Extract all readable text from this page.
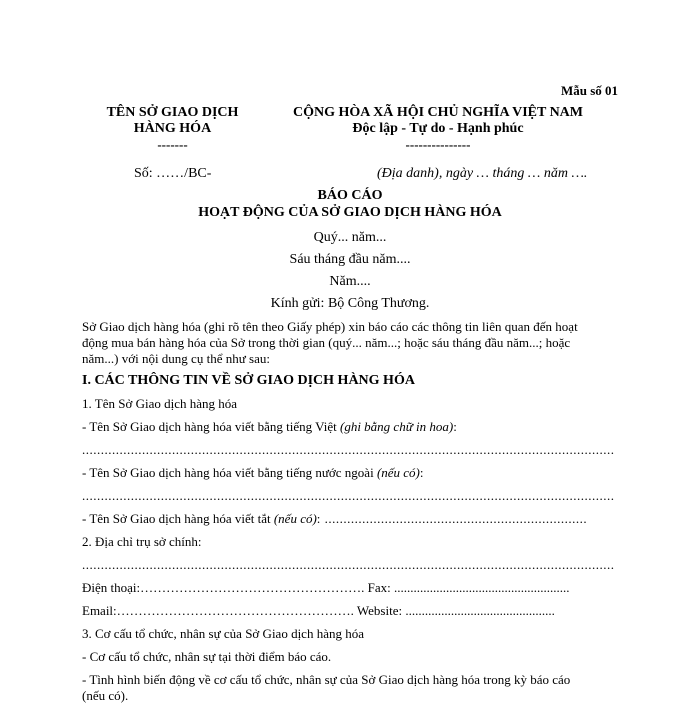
Mẫu số 01
TÊN SỞ GIAO DỊCH
HÀNG HÓA
-------
Số: ……/BC-
CỘNG HÒA XÃ HỘI CHỦ NGHĨA VIỆT NAM
Độc lập - Tự do - Hạnh phúc
---------------
(Địa danh), ngày … tháng … năm ….
BÁO CÁO
HOẠT ĐỘNG CỦA SỞ GIAO DỊCH HÀNG HÓA
Quý... năm...
Sáu tháng đầu năm....
Năm....
Kính gửi: Bộ Công Thương.
Sở Giao dịch hàng hóa (ghi rõ tên theo Giấy phép) xin báo cáo các thông tin liên quan đến hoạt
động mua bán hàng hóa của Sở trong thời gian (quý... năm...; hoặc sáu tháng đầu năm...; hoặc
năm...) với nội dung cụ thể như sau:
I. CÁC THÔNG TIN VỀ SỞ GIAO DỊCH HÀNG HÓA
1. Tên Sở Giao dịch hàng hóa
- Tên Sở Giao dịch hàng hóa viết bằng tiếng Việt (ghi bằng chữ in hoa):
..............................................................................................................................................
- Tên Sở Giao dịch hàng hóa viết bằng tiếng nước ngoài (nếu có):
..............................................................................................................................................
- Tên Sở Giao dịch hàng hóa viết tắt (nếu có): ......................................................................
2. Địa chỉ trụ sở chính:
..............................................................................................................................................
Điện thoại:……………………………………………. Fax: ......................................................
Email:………………………………………………. Website: ..............................................
3. Cơ cấu tổ chức, nhân sự của Sở Giao dịch hàng hóa
- Cơ cấu tổ chức, nhân sự tại thời điểm báo cáo.
- Tình hình biến động về cơ cấu tổ chức, nhân sự của Sở Giao dịch hàng hóa trong kỳ báo cáo
(nếu có).
